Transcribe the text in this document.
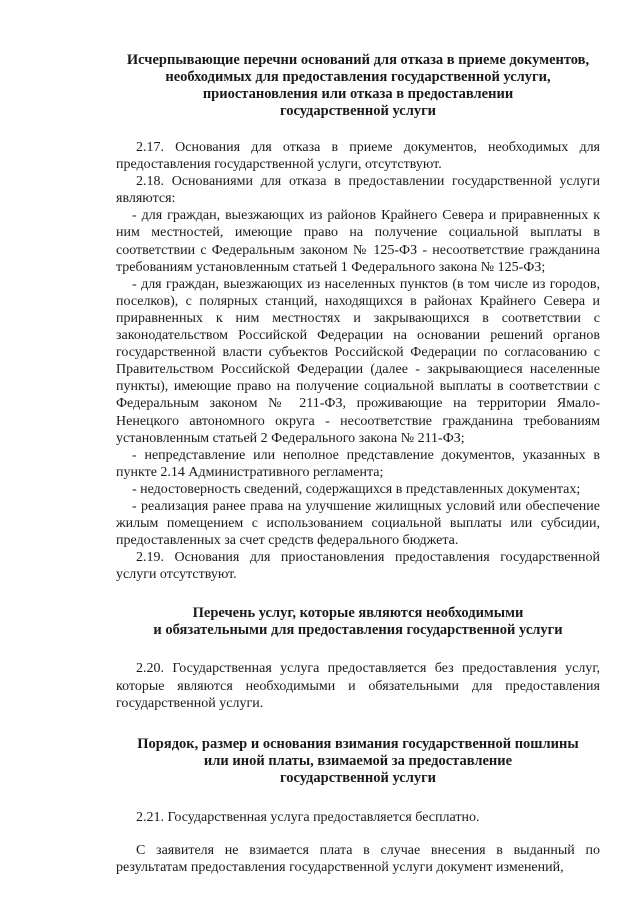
Исчерпывающие перечни оснований для отказа в приеме документов,
необходимых для предоставления государственной услуги,
приостановления или отказа в предоставлении
государственной услуги

2.17. Основания для отказа в приеме документов, необходимых для предоставления государственной услуги, отсутствуют.

2.18. Основаниями для отказа в предоставлении государственной услуги являются:

- для граждан, выезжающих из районов Крайнего Севера и приравненных к ним местностей, имеющие право на получение социальной выплаты в соответствии с Федеральным законом № 125-ФЗ - несоответствие гражданина требованиям установленным статьей 1 Федерального закона № 125-ФЗ;

- для граждан, выезжающих из населенных пунктов (в том числе из городов, поселков), с полярных станций, находящихся в районах Крайнего Севера и приравненных к ним местностях и закрывающихся в соответствии с законодательством Российской Федерации на основании решений органов государственной власти субъектов Российской Федерации по согласованию с Правительством Российской Федерации (далее - закрывающиеся населенные пункты), имеющие право на получение социальной выплаты в соответствии с Федеральным законом № 211-ФЗ, проживающие на территории Ямало-Ненецкого автономного округа - несоответствие гражданина требованиям установленным статьей 2 Федерального закона № 211-ФЗ;

- непредставление или неполное представление документов, указанных в пункте 2.14 Административного регламента;

- недостоверность сведений, содержащихся в представленных документах;

- реализация ранее права на улучшение жилищных условий или обеспечение жилым помещением с использованием социальной выплаты или субсидии, предоставленных за счет средств федерального бюджета.

2.19. Основания для приостановления предоставления государственной услуги отсутствуют.

Перечень услуг, которые являются необходимыми
и обязательными для предоставления государственной услуги

2.20. Государственная услуга предоставляется без предоставления услуг, которые являются необходимыми и обязательными для предоставления государственной услуги.

Порядок, размер и основания взимания государственной пошлины
или иной платы, взимаемой за предоставление
государственной услуги

2.21. Государственная услуга предоставляется бесплатно.

С заявителя не взимается плата в случае внесения в выданный по результатам предоставления государственной услуги документ изменений,
